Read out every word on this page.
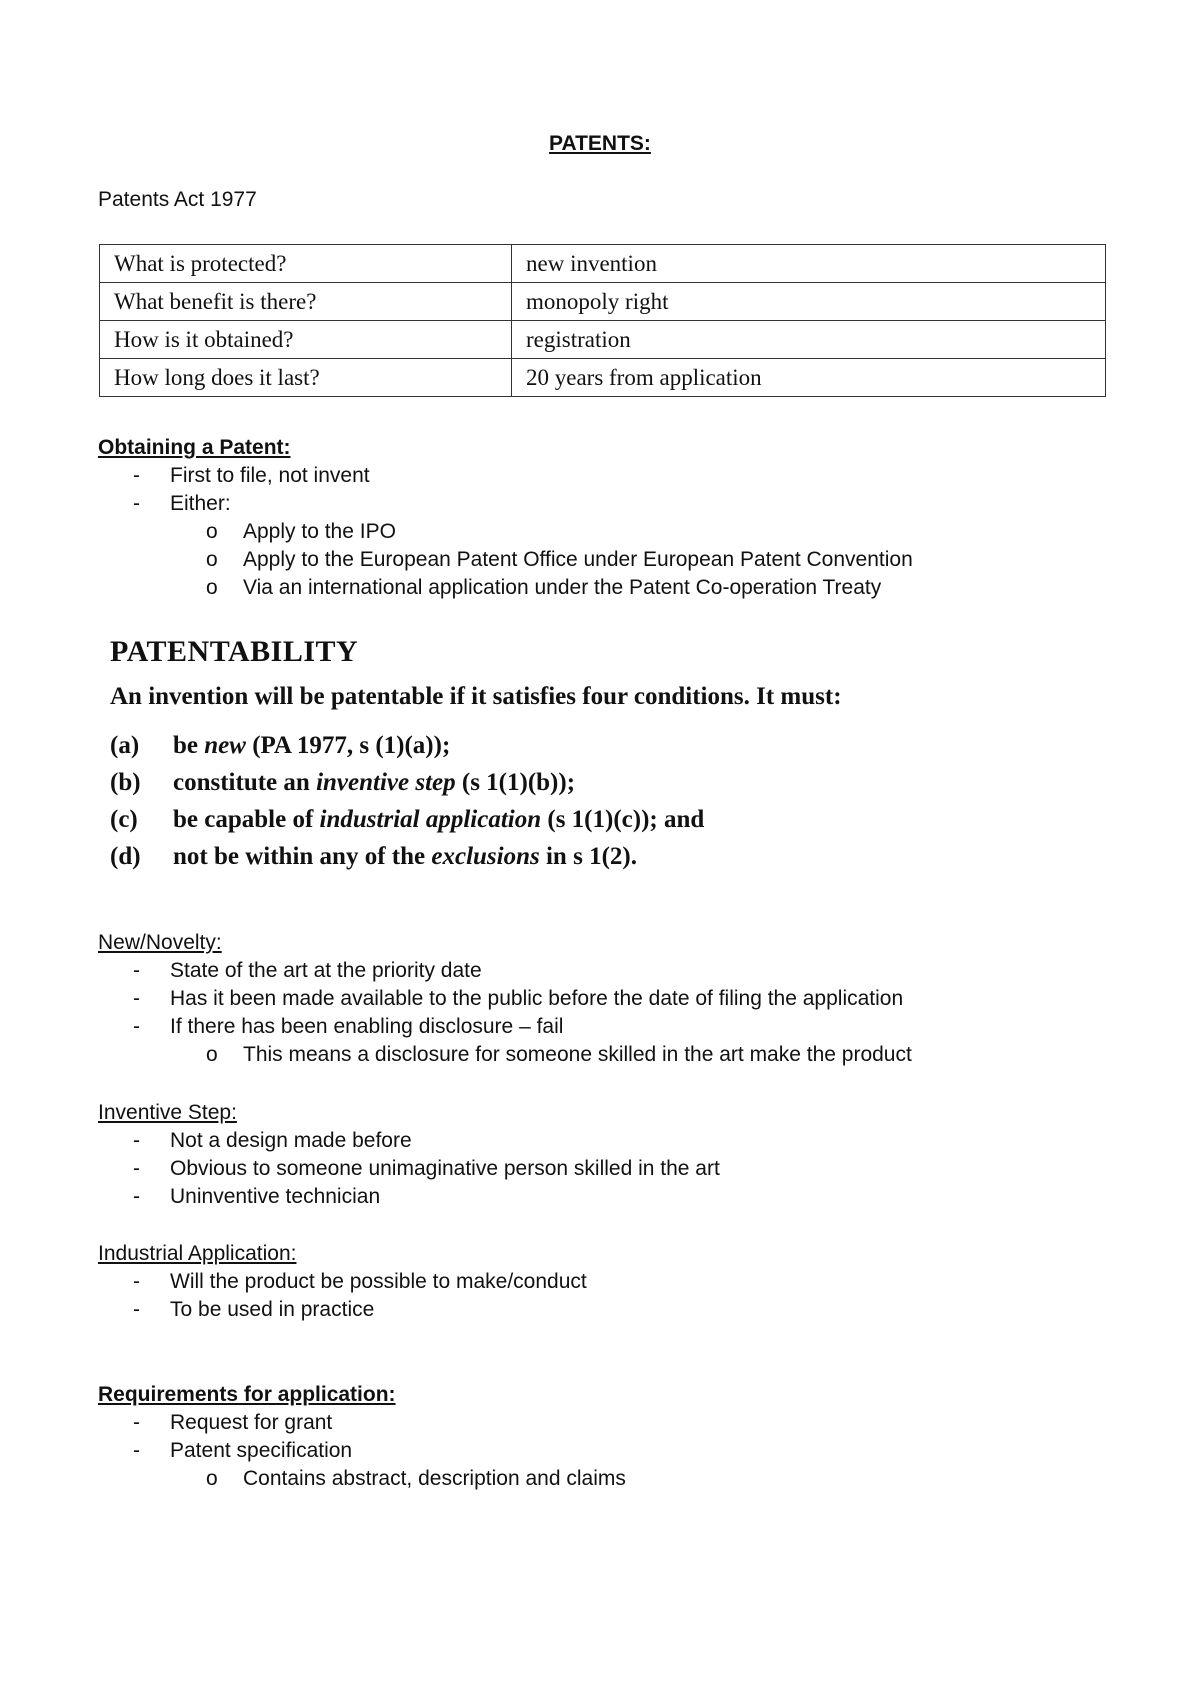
PATENTS:
Patents Act 1977
What is protected?	new invention
What benefit is there?	monopoly right
How is it obtained?	registration
How long does it last?	20 years from application
Obtaining a Patent:
- First to file, not invent
- Either:
o Apply to the IPO
o Apply to the European Patent Office under European Patent Convention
o Via an international application under the Patent Co-operation Treaty
PATENTABILITY
An invention will be patentable if it satisfies four conditions. It must:
(a) be new (PA 1977, s (1)(a));
(b) constitute an inventive step (s 1(1)(b));
(c) be capable of industrial application (s 1(1)(c)); and
(d) not be within any of the exclusions in s 1(2).
New/Novelty:
- State of the art at the priority date
- Has it been made available to the public before the date of filing the application
- If there has been enabling disclosure – fail
o This means a disclosure for someone skilled in the art make the product
Inventive Step:
- Not a design made before
- Obvious to someone unimaginative person skilled in the art
- Uninventive technician
Industrial Application:
- Will the product be possible to make/conduct
- To be used in practice
Requirements for application:
- Request for grant
- Patent specification
o Contains abstract, description and claims
